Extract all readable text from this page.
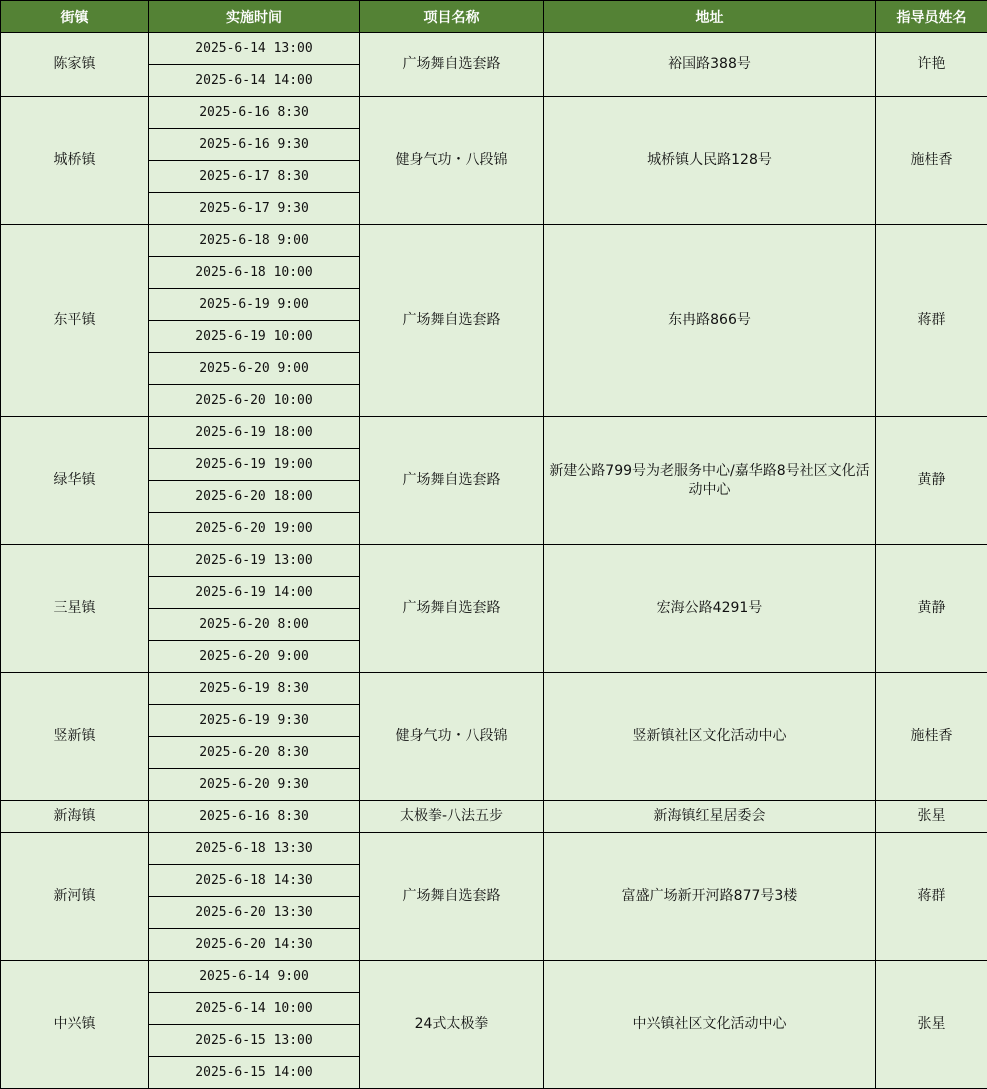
街镇	实施时间	项目名称	地址	指导员姓名
陈家镇	2025-6-14 13:00	广场舞自选套路	裕国路388号	许艳
	2025-6-14 14:00			
城桥镇	2025-6-16 8:30	健身气功・八段锦	城桥镇人民路128号	施桂香
	2025-6-16 9:30			
	2025-6-17 8:30			
	2025-6-17 9:30			
东平镇	2025-6-18 9:00	广场舞自选套路	东冉路866号	蒋群
	2025-6-18 10:00			
	2025-6-19 9:00			
	2025-6-19 10:00			
	2025-6-20 9:00			
	2025-6-20 10:00			
绿华镇	2025-6-19 18:00	广场舞自选套路	新建公路799号为老服务中心/嘉华路8号社区文化活动中心	黄静
	2025-6-19 19:00			
	2025-6-20 18:00			
	2025-6-20 19:00			
三星镇	2025-6-19 13:00	广场舞自选套路	宏海公路4291号	黄静
	2025-6-19 14:00			
	2025-6-20 8:00			
	2025-6-20 9:00			
竖新镇	2025-6-19 8:30	健身气功・八段锦	竖新镇社区文化活动中心	施桂香
	2025-6-19 9:30			
	2025-6-20 8:30			
	2025-6-20 9:30			
新海镇	2025-6-16 8:30	太极拳-八法五步	新海镇红星居委会	张星
新河镇	2025-6-18 13:30	广场舞自选套路	富盛广场新开河路877号3楼	蒋群
	2025-6-18 14:30			
	2025-6-20 13:30			
	2025-6-20 14:30			
中兴镇	2025-6-14 9:00	24式太极拳	中兴镇社区文化活动中心	张星
	2025-6-14 10:00			
	2025-6-15 13:00			
	2025-6-15 14:00			
